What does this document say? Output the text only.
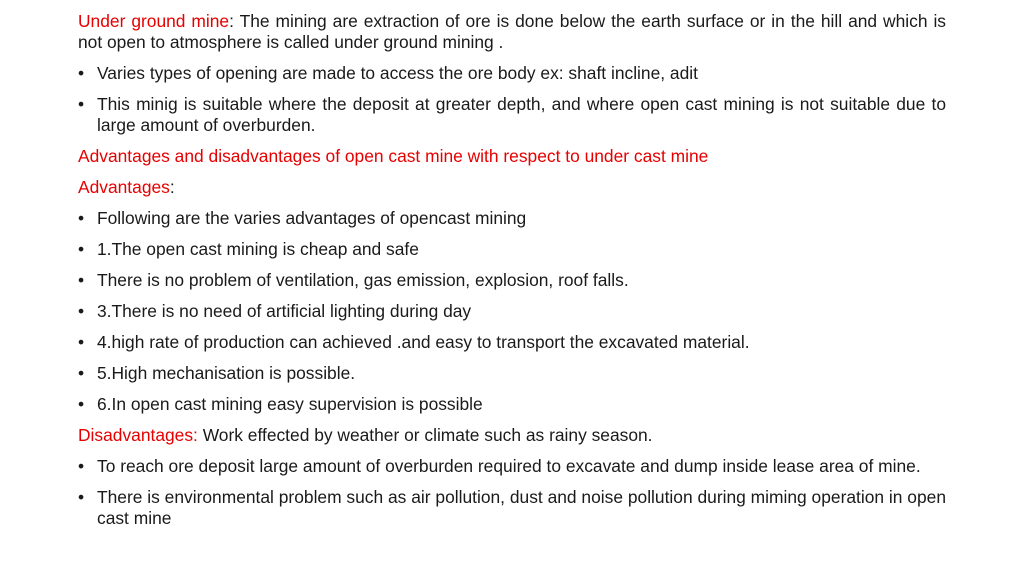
Under ground mine: The mining are extraction of ore is done below the earth surface or in the hill and which is not open to atmosphere is called under ground mining .

• Varies types of opening are made to access the ore body ex: shaft incline, adit
• This minig is suitable where the deposit at greater depth, and where open cast mining is not suitable due to large amount of overburden.

Advantages and disadvantages of open cast mine with respect to under cast mine

Advantages:

• Following are the varies advantages of opencast mining
• 1.The open cast mining is cheap and safe
• There is no problem of ventilation, gas emission, explosion, roof falls.
• 3.There is no need of artificial lighting during day
• 4.high rate of production can achieved .and easy to transport the excavated material.
• 5.High mechanisation is possible.
• 6.In open cast mining easy supervision is possible

Disadvantages: Work effected by weather or climate such as rainy season.

• To reach ore deposit large amount of overburden required to excavate and dump inside lease area of mine.
• There is environmental problem such as air pollution, dust and noise pollution during miming operation in open cast mine
